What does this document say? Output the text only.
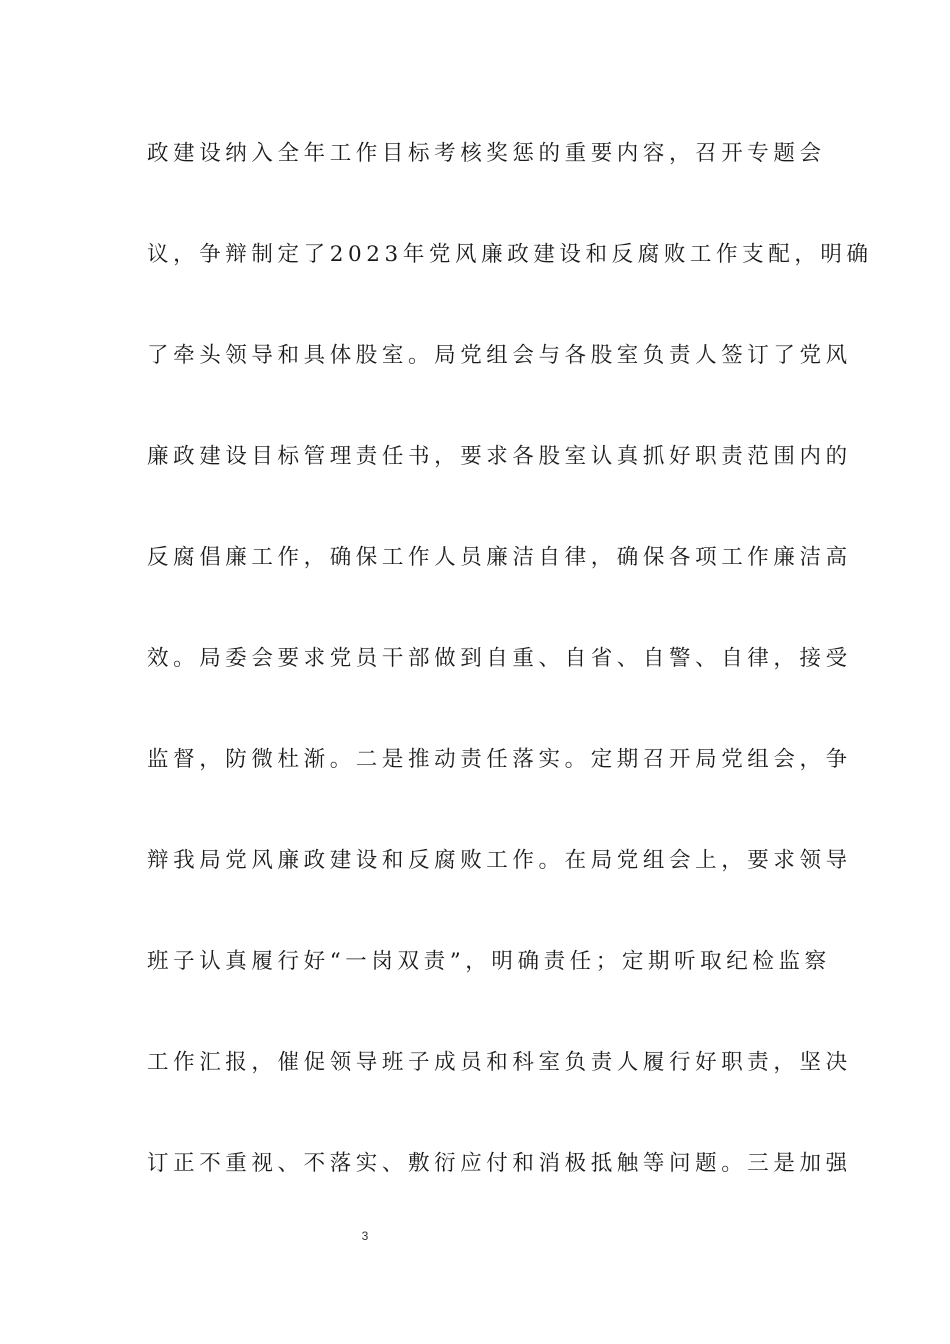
政建设纳入全年工作目标考核奖惩的重要内容，召开专题会
议，争辩制定了2023年党风廉政建设和反腐败工作支配，明确
了牵头领导和具体股室。局党组会与各股室负责人签订了党风
廉政建设目标管理责任书，要求各股室认真抓好职责范围内的
反腐倡廉工作，确保工作人员廉洁自律，确保各项工作廉洁高
效。局委会要求党员干部做到自重、自省、自警、自律，接受
监督，防微杜渐。二是推动责任落实。定期召开局党组会，争
辩我局党风廉政建设和反腐败工作。在局党组会上，要求领导
班子认真履行好“一岗双责”，明确责任；定期听取纪检监察
工作汇报，催促领导班子成员和科室负责人履行好职责，坚决
订正不重视、不落实、敷衍应付和消极抵触等问题。三是加强
3
